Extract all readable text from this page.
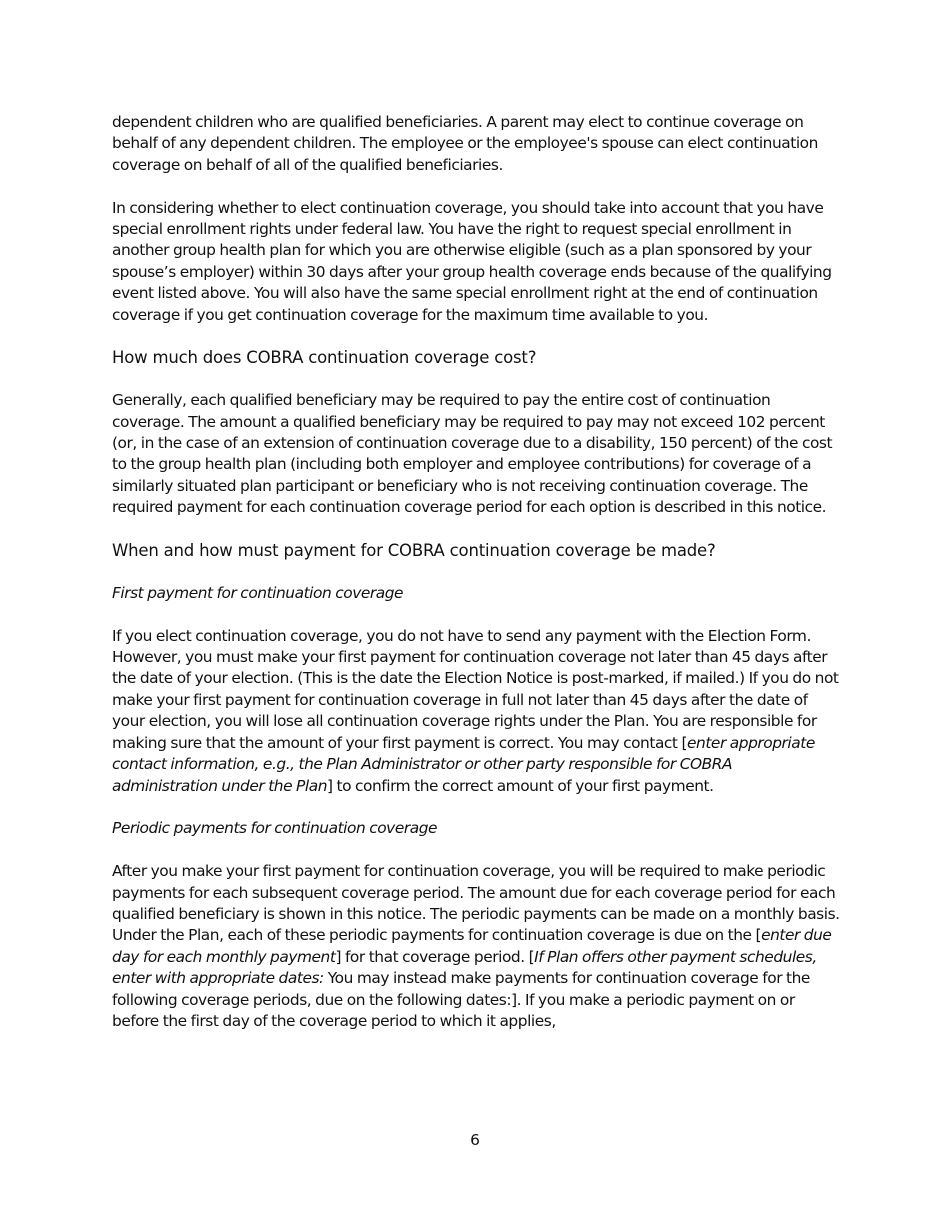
dependent children who are qualified beneficiaries. A parent may elect to continue coverage on behalf of any dependent children. The employee or the employee's spouse can elect continuation coverage on behalf of all of the qualified beneficiaries.

In considering whether to elect continuation coverage, you should take into account that you have special enrollment rights under federal law. You have the right to request special enrollment in another group health plan for which you are otherwise eligible (such as a plan sponsored by your spouse’s employer) within 30 days after your group health coverage ends because of the qualifying event listed above. You will also have the same special enrollment right at the end of continuation coverage if you get continuation coverage for the maximum time available to you.

How much does COBRA continuation coverage cost?

Generally, each qualified beneficiary may be required to pay the entire cost of continuation coverage. The amount a qualified beneficiary may be required to pay may not exceed 102 percent (or, in the case of an extension of continuation coverage due to a disability, 150 percent) of the cost to the group health plan (including both employer and employee contributions) for coverage of a similarly situated plan participant or beneficiary who is not receiving continuation coverage. The required payment for each continuation coverage period for each option is described in this notice.

When and how must payment for COBRA continuation coverage be made?

First payment for continuation coverage

If you elect continuation coverage, you do not have to send any payment with the Election Form. However, you must make your first payment for continuation coverage not later than 45 days after the date of your election. (This is the date the Election Notice is post-marked, if mailed.) If you do not make your first payment for continuation coverage in full not later than 45 days after the date of your election, you will lose all continuation coverage rights under the Plan. You are responsible for making sure that the amount of your first payment is correct. You may contact [enter appropriate contact information, e.g., the Plan Administrator or other party responsible for COBRA administration under the Plan] to confirm the correct amount of your first payment.

Periodic payments for continuation coverage

After you make your first payment for continuation coverage, you will be required to make periodic payments for each subsequent coverage period. The amount due for each coverage period for each qualified beneficiary is shown in this notice. The periodic payments can be made on a monthly basis. Under the Plan, each of these periodic payments for continuation coverage is due on the [enter due day for each monthly payment] for that coverage period. [If Plan offers other payment schedules, enter with appropriate dates: You may instead make payments for continuation coverage for the following coverage periods, due on the following dates:]. If you make a periodic payment on or before the first day of the coverage period to which it applies,

6
